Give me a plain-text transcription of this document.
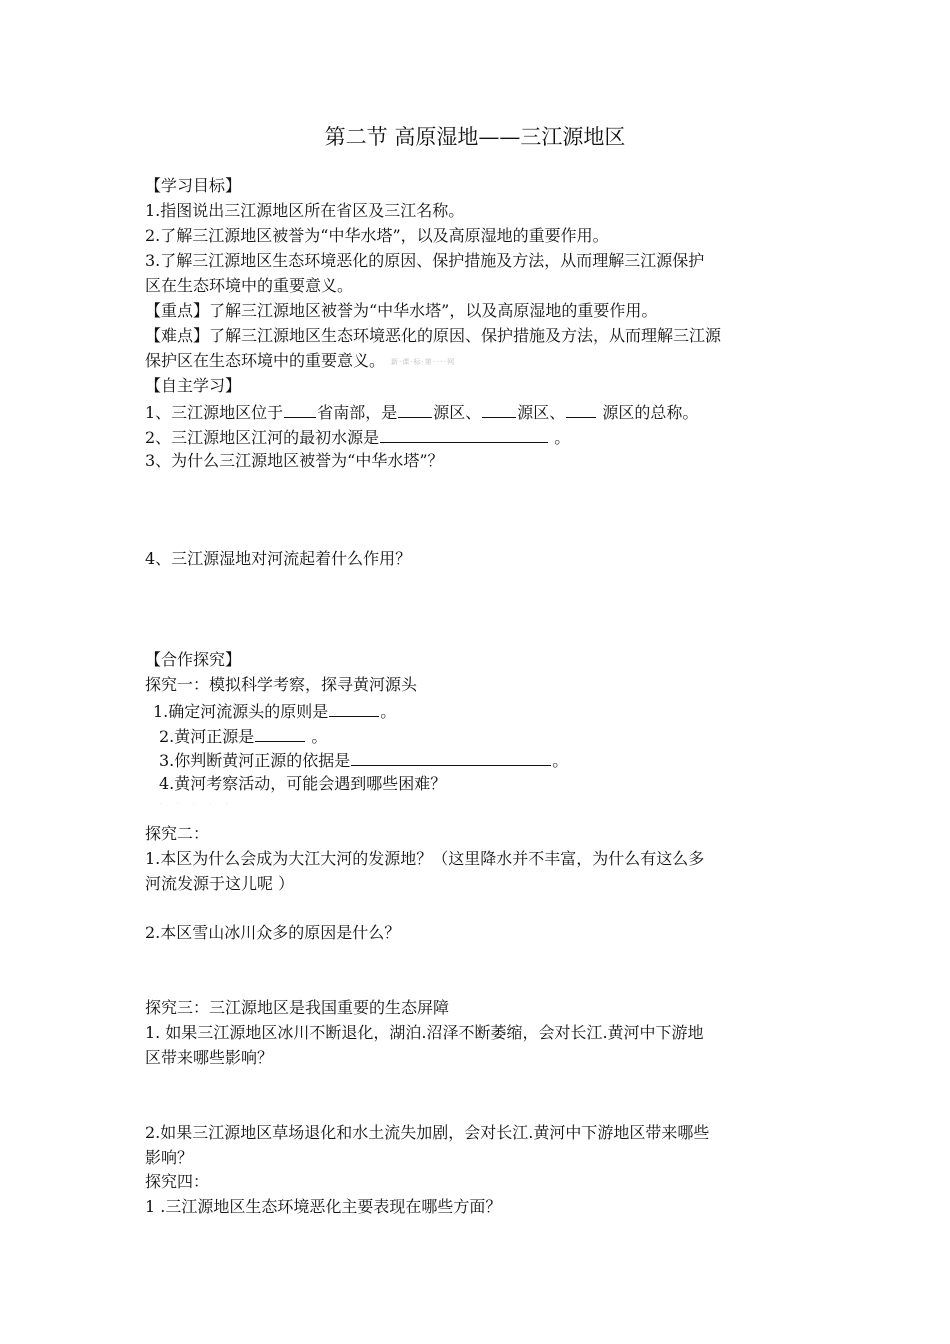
第二节 高原湿地——三江源地区
【学习目标】
1.指图说出三江源地区所在省区及三江名称。
2.了解三江源地区被誉为“中华水塔”，以及高原湿地的重要作用。
3.了解三江源地区生态环境恶化的原因、保护措施及方法，从而理解三江源保护
区在生态环境中的重要意义。
【重点】了解三江源地区被誉为“中华水塔”，以及高原湿地的重要作用。
【难点】了解三江源地区生态环境恶化的原因、保护措施及方法，从而理解三江源
保护区在生态环境中的重要意义。 新·课·标·第·一·网
【自主学习】
1、三江源地区位于 省南部，是 源区、 源区、 源区的总称。
2、三江源地区江河的最初水源是	。
3、为什么三江源地区被誉为“中华水塔”？
4、三江源湿地对河流起着什么作用？
【合作探究】
探究一：模拟科学考察，探寻黄河源头
1.确定河流源头的原则是	。
2.黄河正源是	。
3.你判断黄河正源的依据是	。
4.黄河考察活动，可能会遇到哪些困难？
· · · · ·
探究二：
1.本区为什么会成为大江大河的发源地？（这里降水并不丰富，为什么有这么多
河流发源于这儿呢 ）
2.本区雪山冰川众多的原因是什么？
探究三：三江源地区是我国重要的生态屏障
1. 如果三江源地区冰川不断退化，湖泊.沼泽不断萎缩，会对长江.黄河中下游地
区带来哪些影响？
2.如果三江源地区草场退化和水土流失加剧，会对长江.黄河中下游地区带来哪些
影响？
探究四：
1 .三江源地区生态环境恶化主要表现在哪些方面？
